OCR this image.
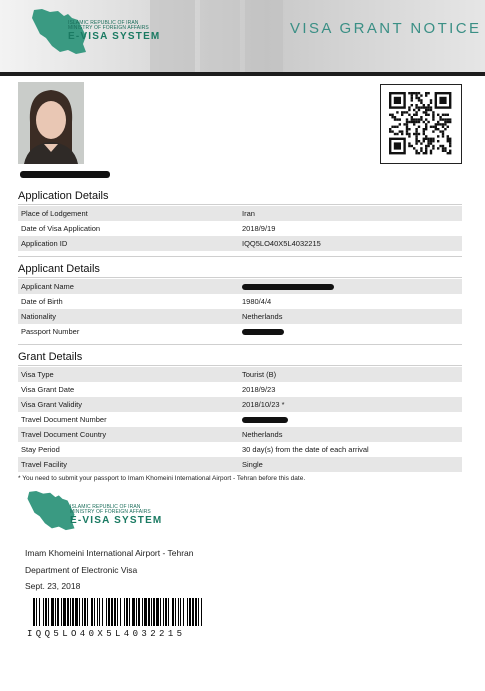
ISLAMIC REPUBLIC OF IRAN
MINISTRY OF FOREIGN AFFAIRS
E-VISA SYSTEM	VISA GRANT NOTICE
Application Details
Place of Lodgement	Iran
Date of Visa Application	2018/9/19
Application ID	IQQ5LO40X5L4032215
Applicant Details
Applicant Name
Date of Birth	1980/4/4
Nationality	Netherlands
Passport Number
Grant Details
Visa Type	Tourist (B)
Visa Grant Date	2018/9/23
Visa Grant Validity	2018/10/23 *
Travel Document Number
Travel Document Country	Netherlands
Stay Period	30 day(s) from the date of each arrival
Travel Facility	Single
* You need to submit your passport to Imam Khomeini International Airport - Tehran before this date.
ISLAMIC REPUBLIC OF IRAN
MINISTRY OF FOREIGN AFFAIRS
E-VISA SYSTEM
Imam Khomeini International Airport - Tehran
Department of Electronic Visa
Sept. 23, 2018
IQQ5LO40X5L4032215
